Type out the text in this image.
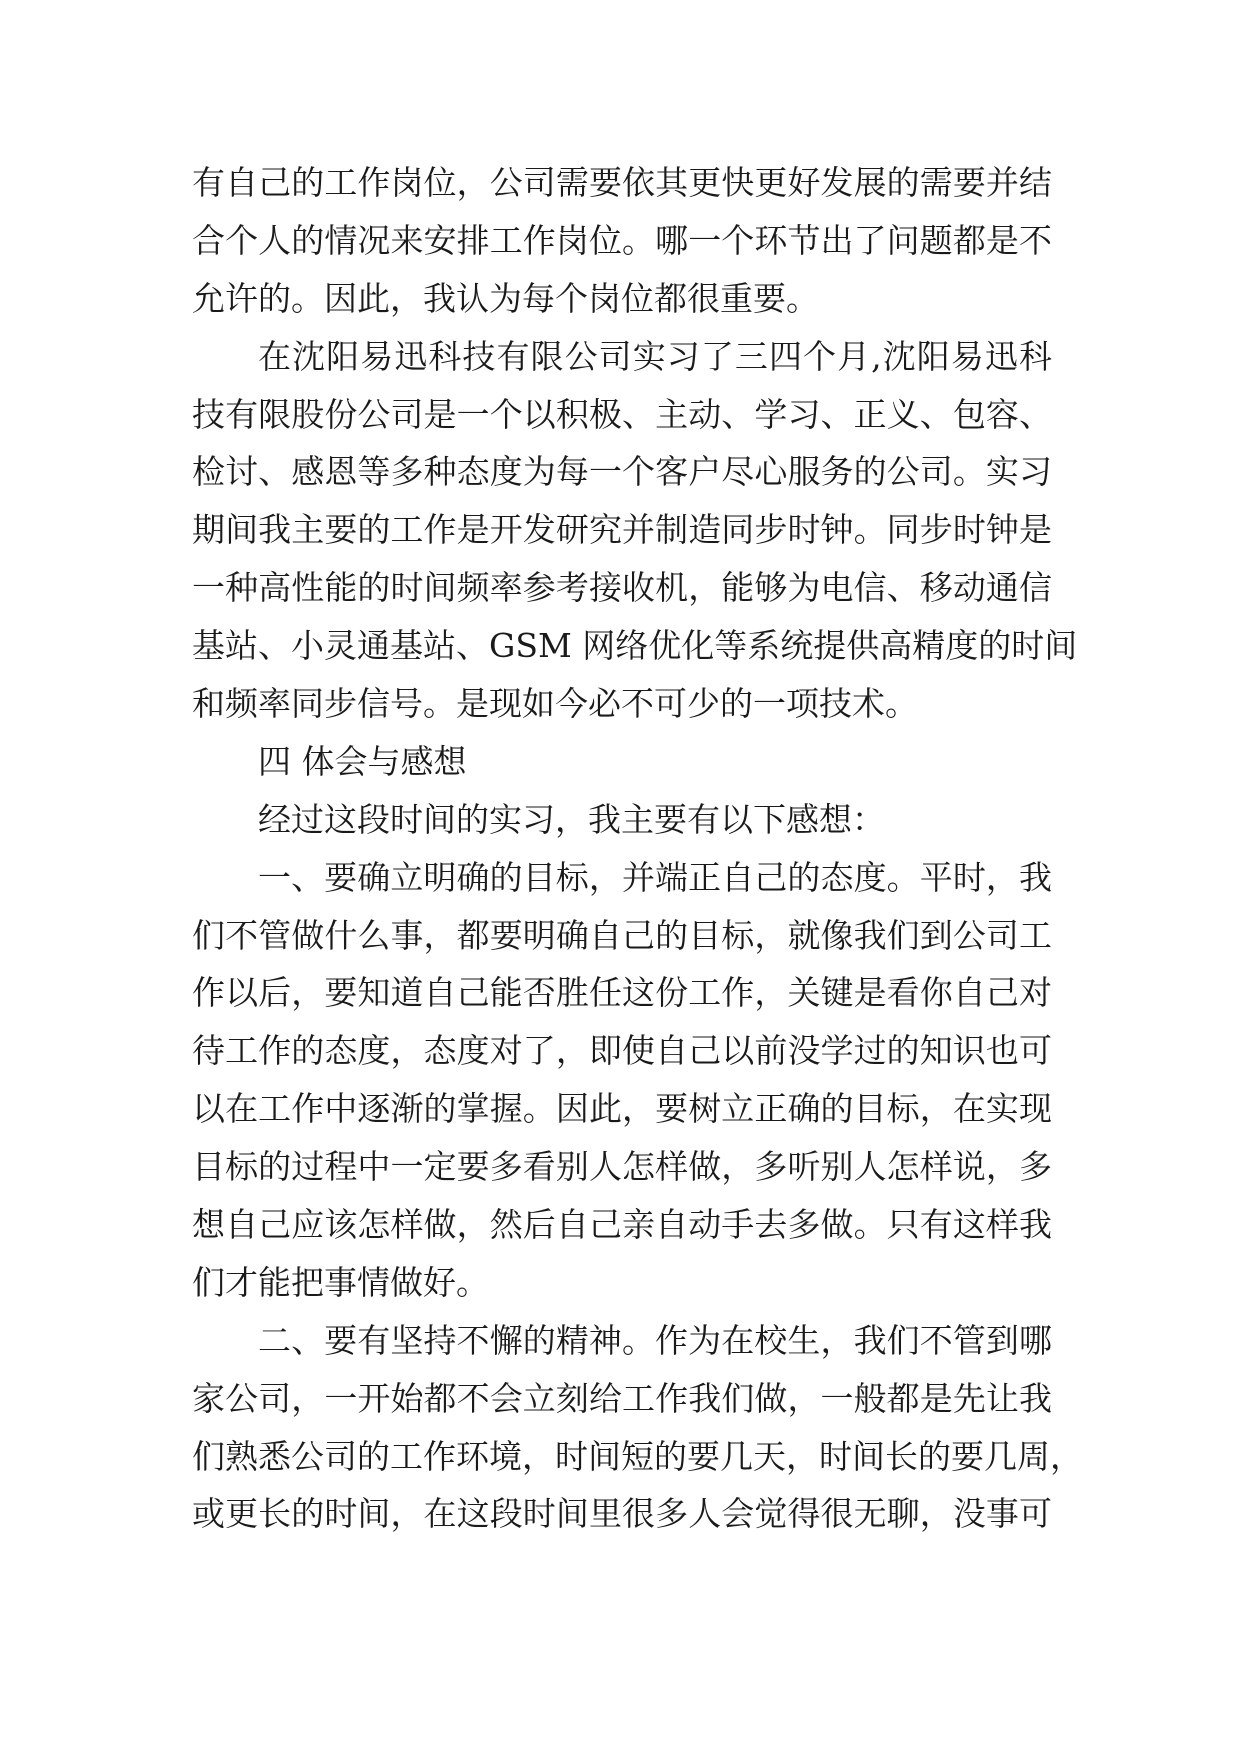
有自己的工作岗位，公司需要依其更快更好发展的需要并结
合个人的情况来安排工作岗位。哪一个环节出了问题都是不
允许的。因此，我认为每个岗位都很重要。
在沈阳易迅科技有限公司实习了三四个月,沈阳易迅科
技有限股份公司是一个以积极、主动、学习、正义、包容、
检讨、感恩等多种态度为每一个客户尽心服务的公司。实习
期间我主要的工作是开发研究并制造同步时钟。同步时钟是
一种高性能的时间频率参考接收机，能够为电信、移动通信
基站、小灵通基站、GSM 网络优化等系统提供高精度的时间
和频率同步信号。是现如今必不可少的一项技术。
四 体会与感想
经过这段时间的实习，我主要有以下感想：
一、要确立明确的目标，并端正自己的态度。平时，我
们不管做什么事，都要明确自己的目标，就像我们到公司工
作以后，要知道自己能否胜任这份工作，关键是看你自己对
待工作的态度，态度对了，即使自己以前没学过的知识也可
以在工作中逐渐的掌握。因此，要树立正确的目标，在实现
目标的过程中一定要多看别人怎样做，多听别人怎样说，多
想自己应该怎样做，然后自己亲自动手去多做。只有这样我
们才能把事情做好。
二、要有坚持不懈的精神。作为在校生，我们不管到哪
家公司，一开始都不会立刻给工作我们做，一般都是先让我
们熟悉公司的工作环境，时间短的要几天，时间长的要几周，
或更长的时间，在这段时间里很多人会觉得很无聊，没事可
